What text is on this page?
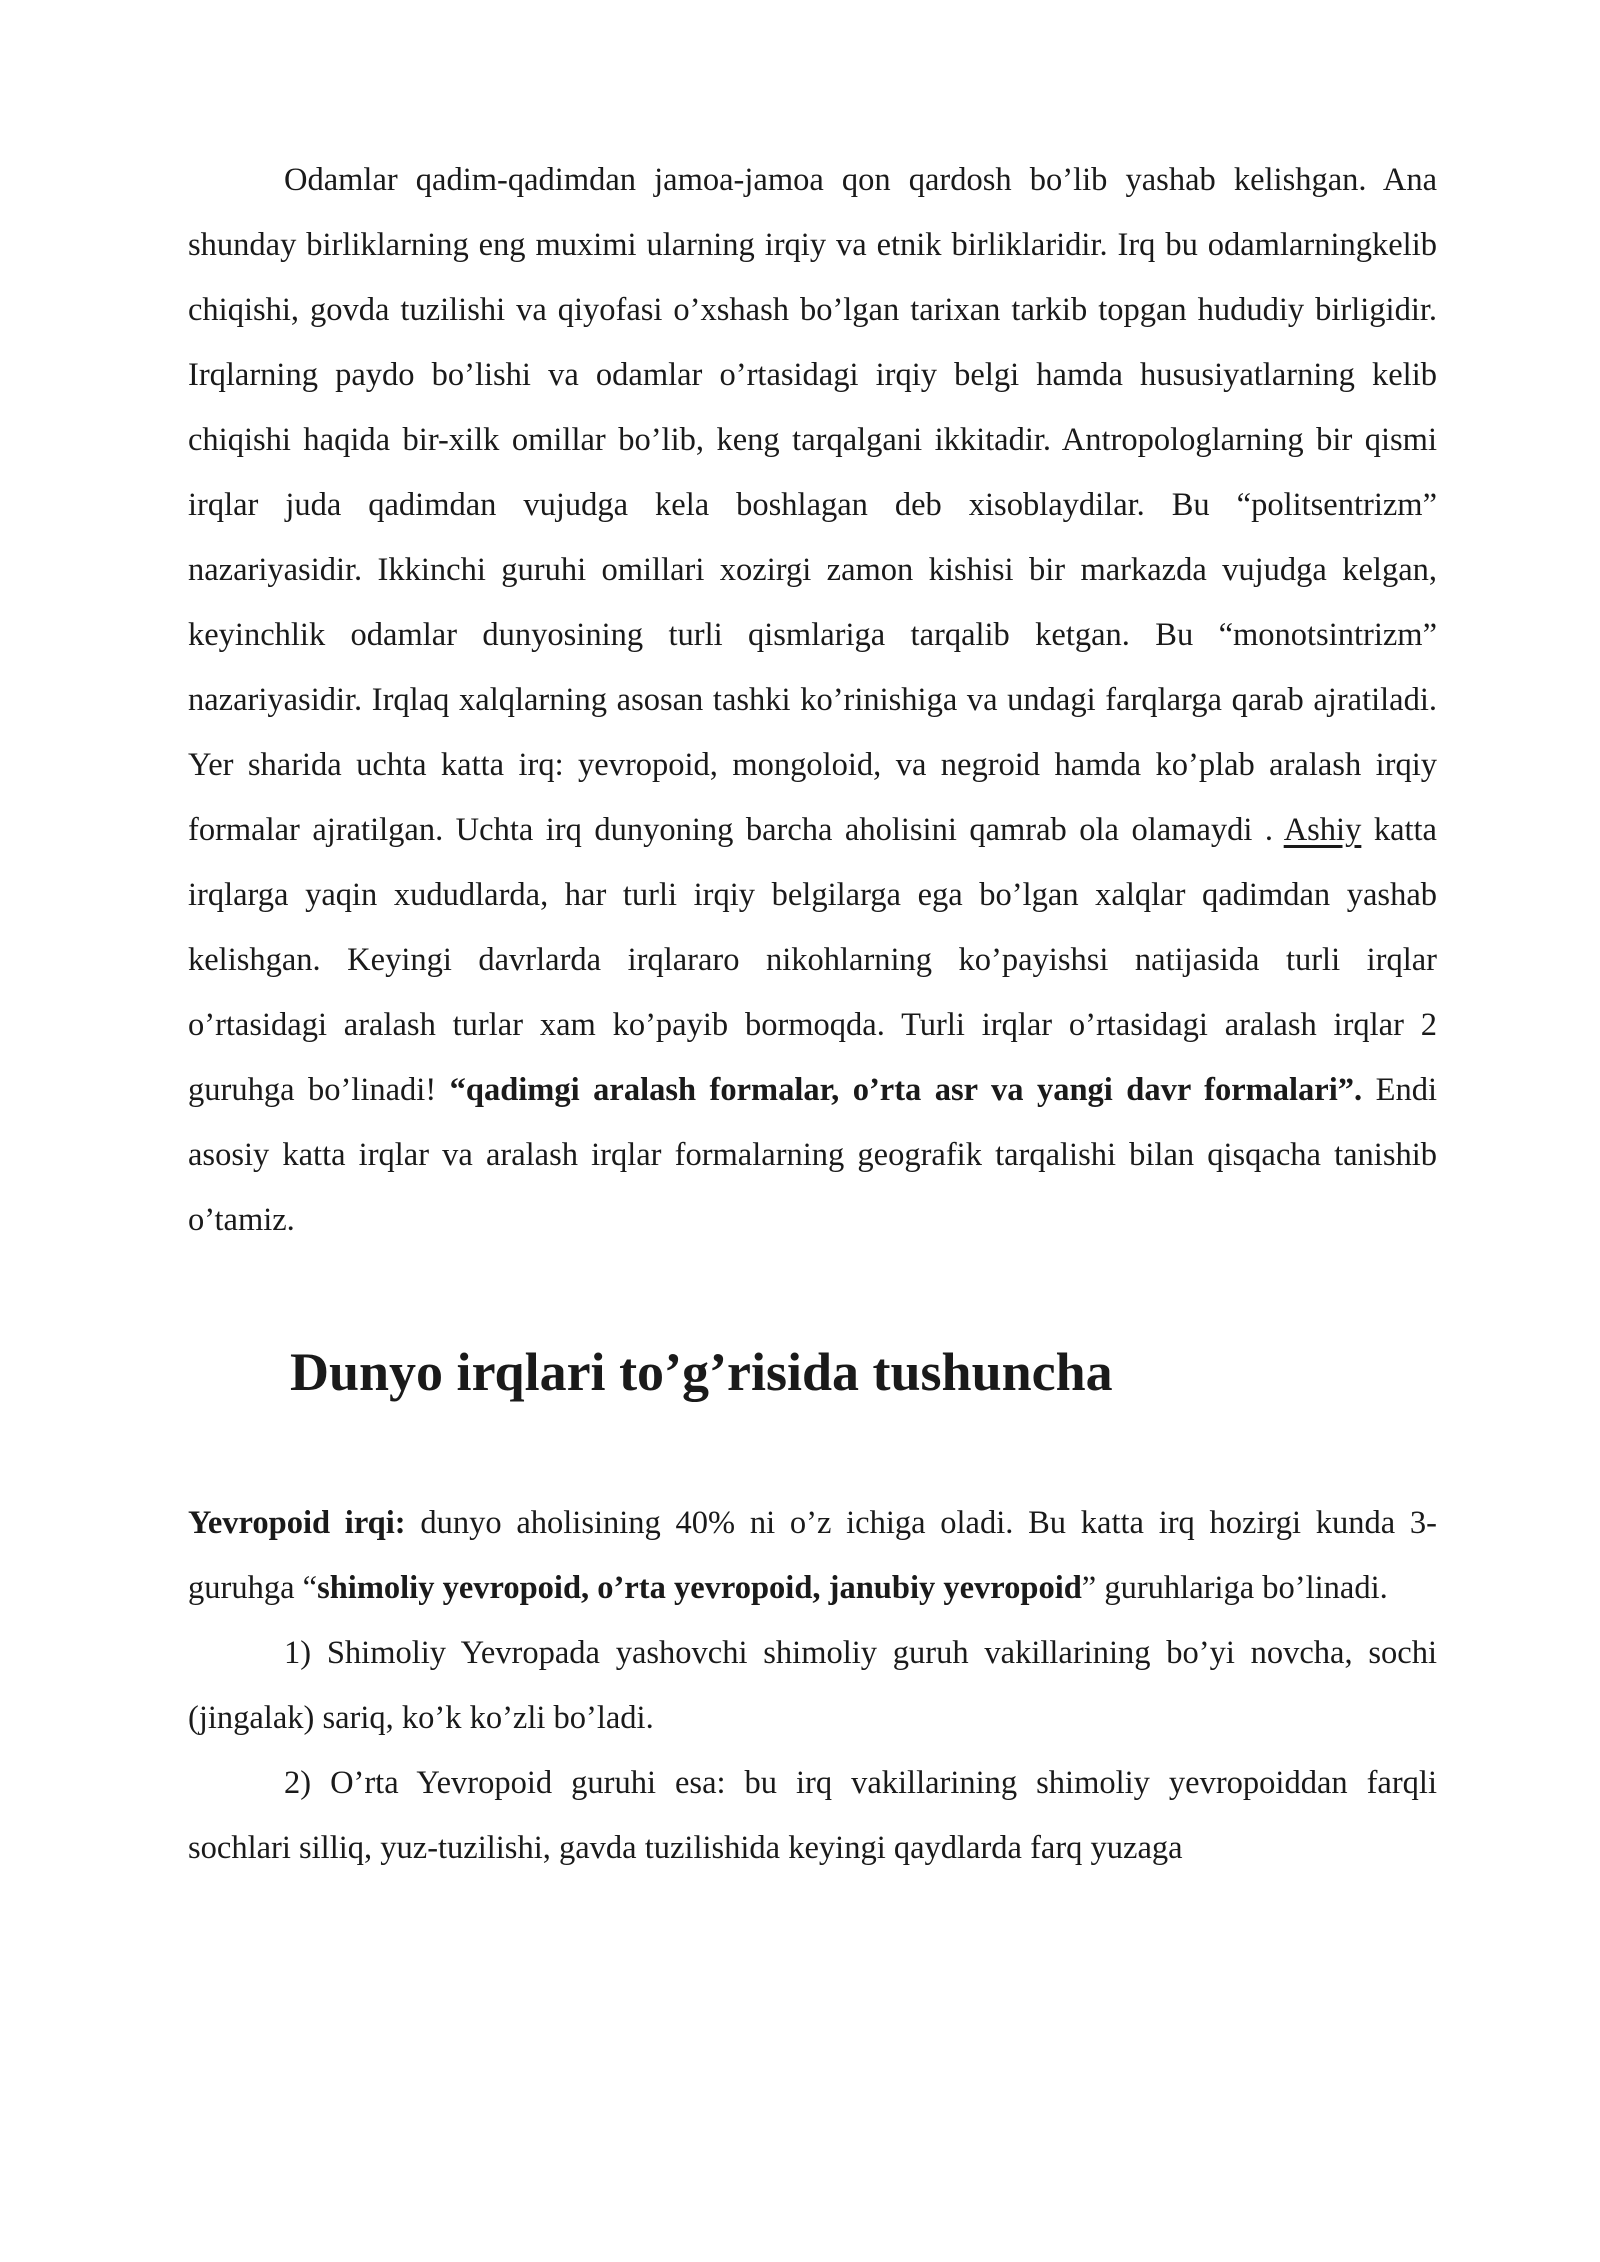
Odamlar qadim-qadimdan jamoa-jamoa qon qardosh bo’lib yashab kelishgan. Ana shunday birliklarning eng muximi ularning irqiy va etnik birliklaridir. Irq bu odamlarningkelib chiqishi, govda tuzilishi va qiyofasi o’xshash bo’lgan tarixan tarkib topgan hududiy birligidir. Irqlarning paydo bo’lishi va odamlar o’rtasidagi irqiy belgi hamda hususiyatlarning kelib chiqishi haqida bir-xilk omillar bo’lib, keng tarqalgani ikkitadir. Antropologlarning bir qismi irqlar juda qadimdan vujudga kela boshlagan deb xisoblaydilar. Bu “politsentrizm” nazariyasidir. Ikkinchi guruhi omillari xozirgi zamon kishisi bir markazda vujudga kelgan, keyinchlik odamlar dunyosining turli qismlariga tarqalib ketgan. Bu “monotsintrizm” nazariyasidir. Irqlaq xalqlarning asosan tashki ko’rinishiga va undagi farqlarga qarab ajratiladi. Yer sharida uchta katta irq: yevropoid, mongoloid, va negroid hamda ko’plab aralash irqiy formalar ajratilgan. Uchta irq dunyoning barcha aholisini qamrab ola olamaydi . Ashiy katta irqlarga yaqin xududlarda, har turli irqiy belgilarga ega bo’lgan xalqlar qadimdan yashab kelishgan. Keyingi davrlarda irqlararo nikohlarning ko’payishsi natijasida turli irqlar o’rtasidagi aralash turlar xam ko’payib bormoqda. Turli irqlar o’rtasidagi aralash irqlar 2 guruhga bo’linadi! “qadimgi aralash formalar, o’rta asr va yangi davr formalari”. Endi asosiy katta irqlar va aralash irqlar formalarning geografik tarqalishi bilan qisqacha tanishib o’tamiz.

Dunyo irqlari to’g’risida tushuncha

Yevropoid irqi: dunyo aholisining 40% ni o’z ichiga oladi. Bu katta irq hozirgi kunda 3-guruhga “shimoliy yevropoid, o’rta yevropoid, janubiy yevropoid” guruhlariga bo’linadi.

1) Shimoliy Yevropada yashovchi shimoliy guruh vakillarining bo’yi novcha, sochi (jingalak) sariq, ko’k ko’zli bo’ladi.

2) O’rta Yevropoid guruhi esa: bu irq vakillarining shimoliy yevropoiddan farqli sochlari silliq, yuz-tuzilishi, gavda tuzilishida keyingi qaydlarda farq yuzaga
